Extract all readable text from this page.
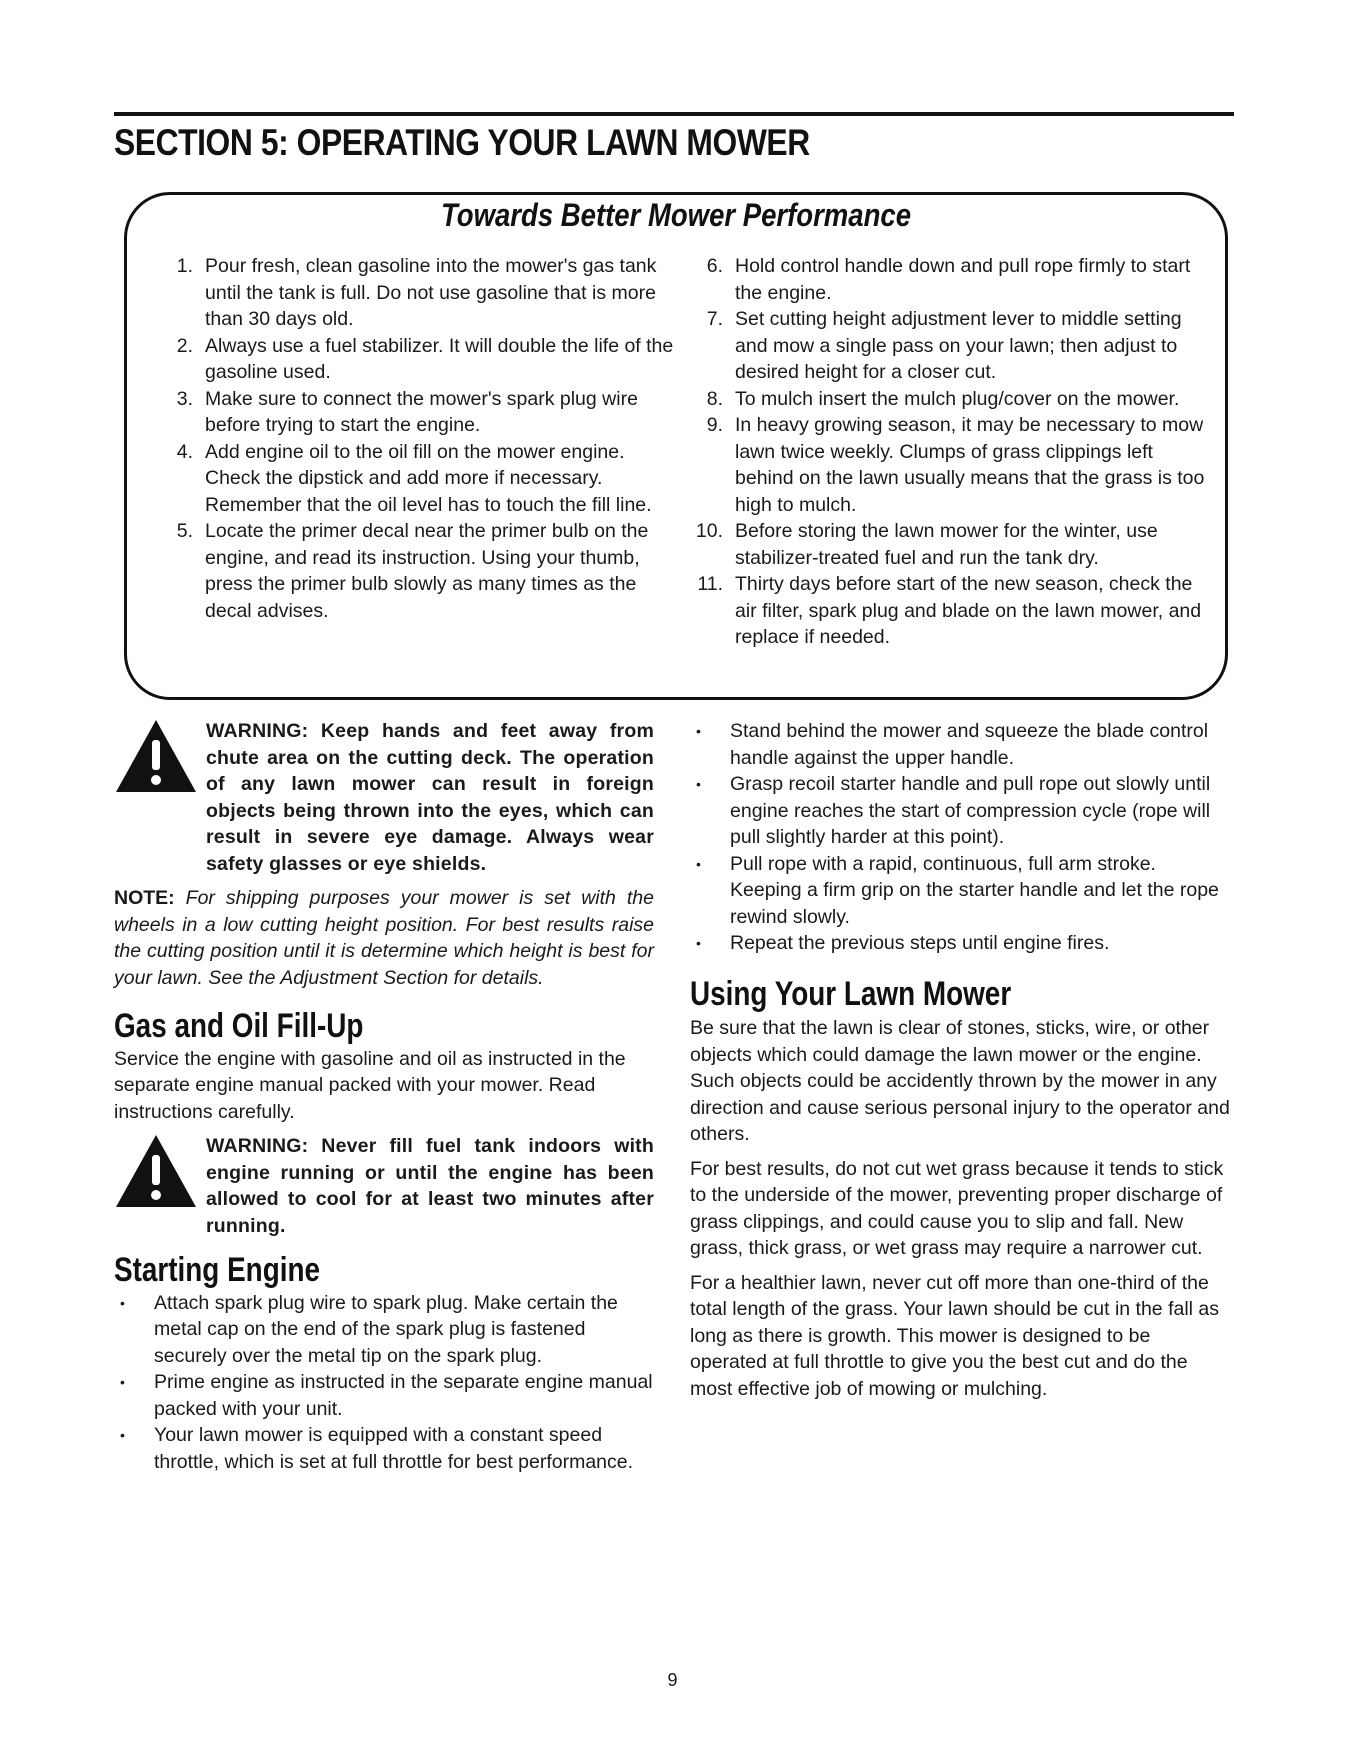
SECTION 5: OPERATING YOUR LAWN MOWER
Towards Better Mower Performance
1. Pour fresh, clean gasoline into the mower's gas tank until the tank is full. Do not use gasoline that is more than 30 days old.
2. Always use a fuel stabilizer. It will double the life of the gasoline used.
3. Make sure to connect the mower's spark plug wire before trying to start the engine.
4. Add engine oil to the oil fill on the mower engine. Check the dipstick and add more if necessary. Remember that the oil level has to touch the fill line.
5. Locate the primer decal near the primer bulb on the engine, and read its instruction. Using your thumb, press the primer bulb slowly as many times as the decal advises.
6. Hold control handle down and pull rope firmly to start the engine.
7. Set cutting height adjustment lever to middle setting and mow a single pass on your lawn; then adjust to desired height for a closer cut.
8. To mulch insert the mulch plug/cover on the mower.
9. In heavy growing season, it may be necessary to mow lawn twice weekly. Clumps of grass clippings left behind on the lawn usually means that the grass is too high to mulch.
10. Before storing the lawn mower for the winter, use stabilizer-treated fuel and run the tank dry.
11. Thirty days before start of the new season, check the air filter, spark plug and blade on the lawn mower, and replace if needed.
WARNING: Keep hands and feet away from chute area on the cutting deck. The operation of any lawn mower can result in foreign objects being thrown into the eyes, which can result in severe eye damage. Always wear safety glasses or eye shields.
NOTE: For shipping purposes your mower is set with the wheels in a low cutting height position. For best results raise the cutting position until it is determine which height is best for your lawn. See the Adjustment Section for details.
Gas and Oil Fill-Up

Service the engine with gasoline and oil as instructed in the separate engine manual packed with your mower. Read instructions carefully.

WARNING: Never fill fuel tank indoors with engine running or until the engine has been allowed to cool for at least two minutes after running.
Starting Engine
• Attach spark plug wire to spark plug. Make certain the metal cap on the end of the spark plug is fastened securely over the metal tip on the spark plug.
• Prime engine as instructed in the separate engine manual packed with your unit.
• Your lawn mower is equipped with a constant speed throttle, which is set at full throttle for best performance.
• Stand behind the mower and squeeze the blade control handle against the upper handle.
• Grasp recoil starter handle and pull rope out slowly until engine reaches the start of compression cycle (rope will pull slightly harder at this point).
• Pull rope with a rapid, continuous, full arm stroke. Keeping a firm grip on the starter handle and let the rope rewind slowly.
• Repeat the previous steps until engine fires.
Using Your Lawn Mower

Be sure that the lawn is clear of stones, sticks, wire, or other objects which could damage the lawn mower or the engine. Such objects could be accidently thrown by the mower in any direction and cause serious personal injury to the operator and others.

For best results, do not cut wet grass because it tends to stick to the underside of the mower, preventing proper discharge of grass clippings, and could cause you to slip and fall. New grass, thick grass, or wet grass may require a narrower cut.

For a healthier lawn, never cut off more than one-third of the total length of the grass. Your lawn should be cut in the fall as long as there is growth. This mower is designed to be operated at full throttle to give you the best cut and do the most effective job of mowing or mulching.

9
